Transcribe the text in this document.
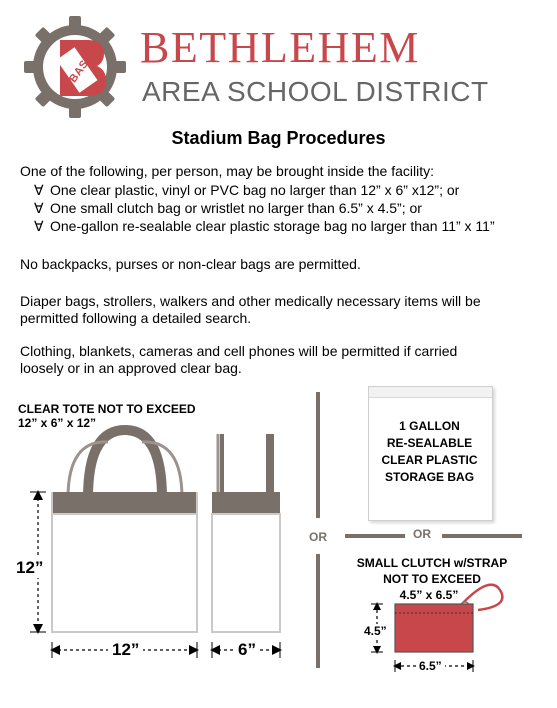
BASD BETHLEHEM
AREA SCHOOL DISTRICT
Stadium Bag Procedures
One of the following, per person, may be brought inside the facility:
∀ One clear plastic, vinyl or PVC bag no larger than 12” x 6” x12”; or
∀ One small clutch bag or wristlet no larger than 6.5” x 4.5”; or
∀ One-gallon re-sealable clear plastic storage bag no larger than 11” x 11”
No backpacks, purses or non-clear bags are permitted.
Diaper bags, strollers, walkers and other medically necessary items will be
permitted following a detailed search.
Clothing, blankets, cameras and cell phones will be permitted if carried
loosely or in an approved clear bag.
CLEAR TOTE NOT TO EXCEED
12” x 6” x 12”
12”
12”	6”
OR	OR
1 GALLON
RE-SEALABLE
CLEAR PLASTIC
STORAGE BAG
SMALL CLUTCH w/STRAP
NOT TO EXCEED
4.5” x 6.5”
4.5”
6.5”
